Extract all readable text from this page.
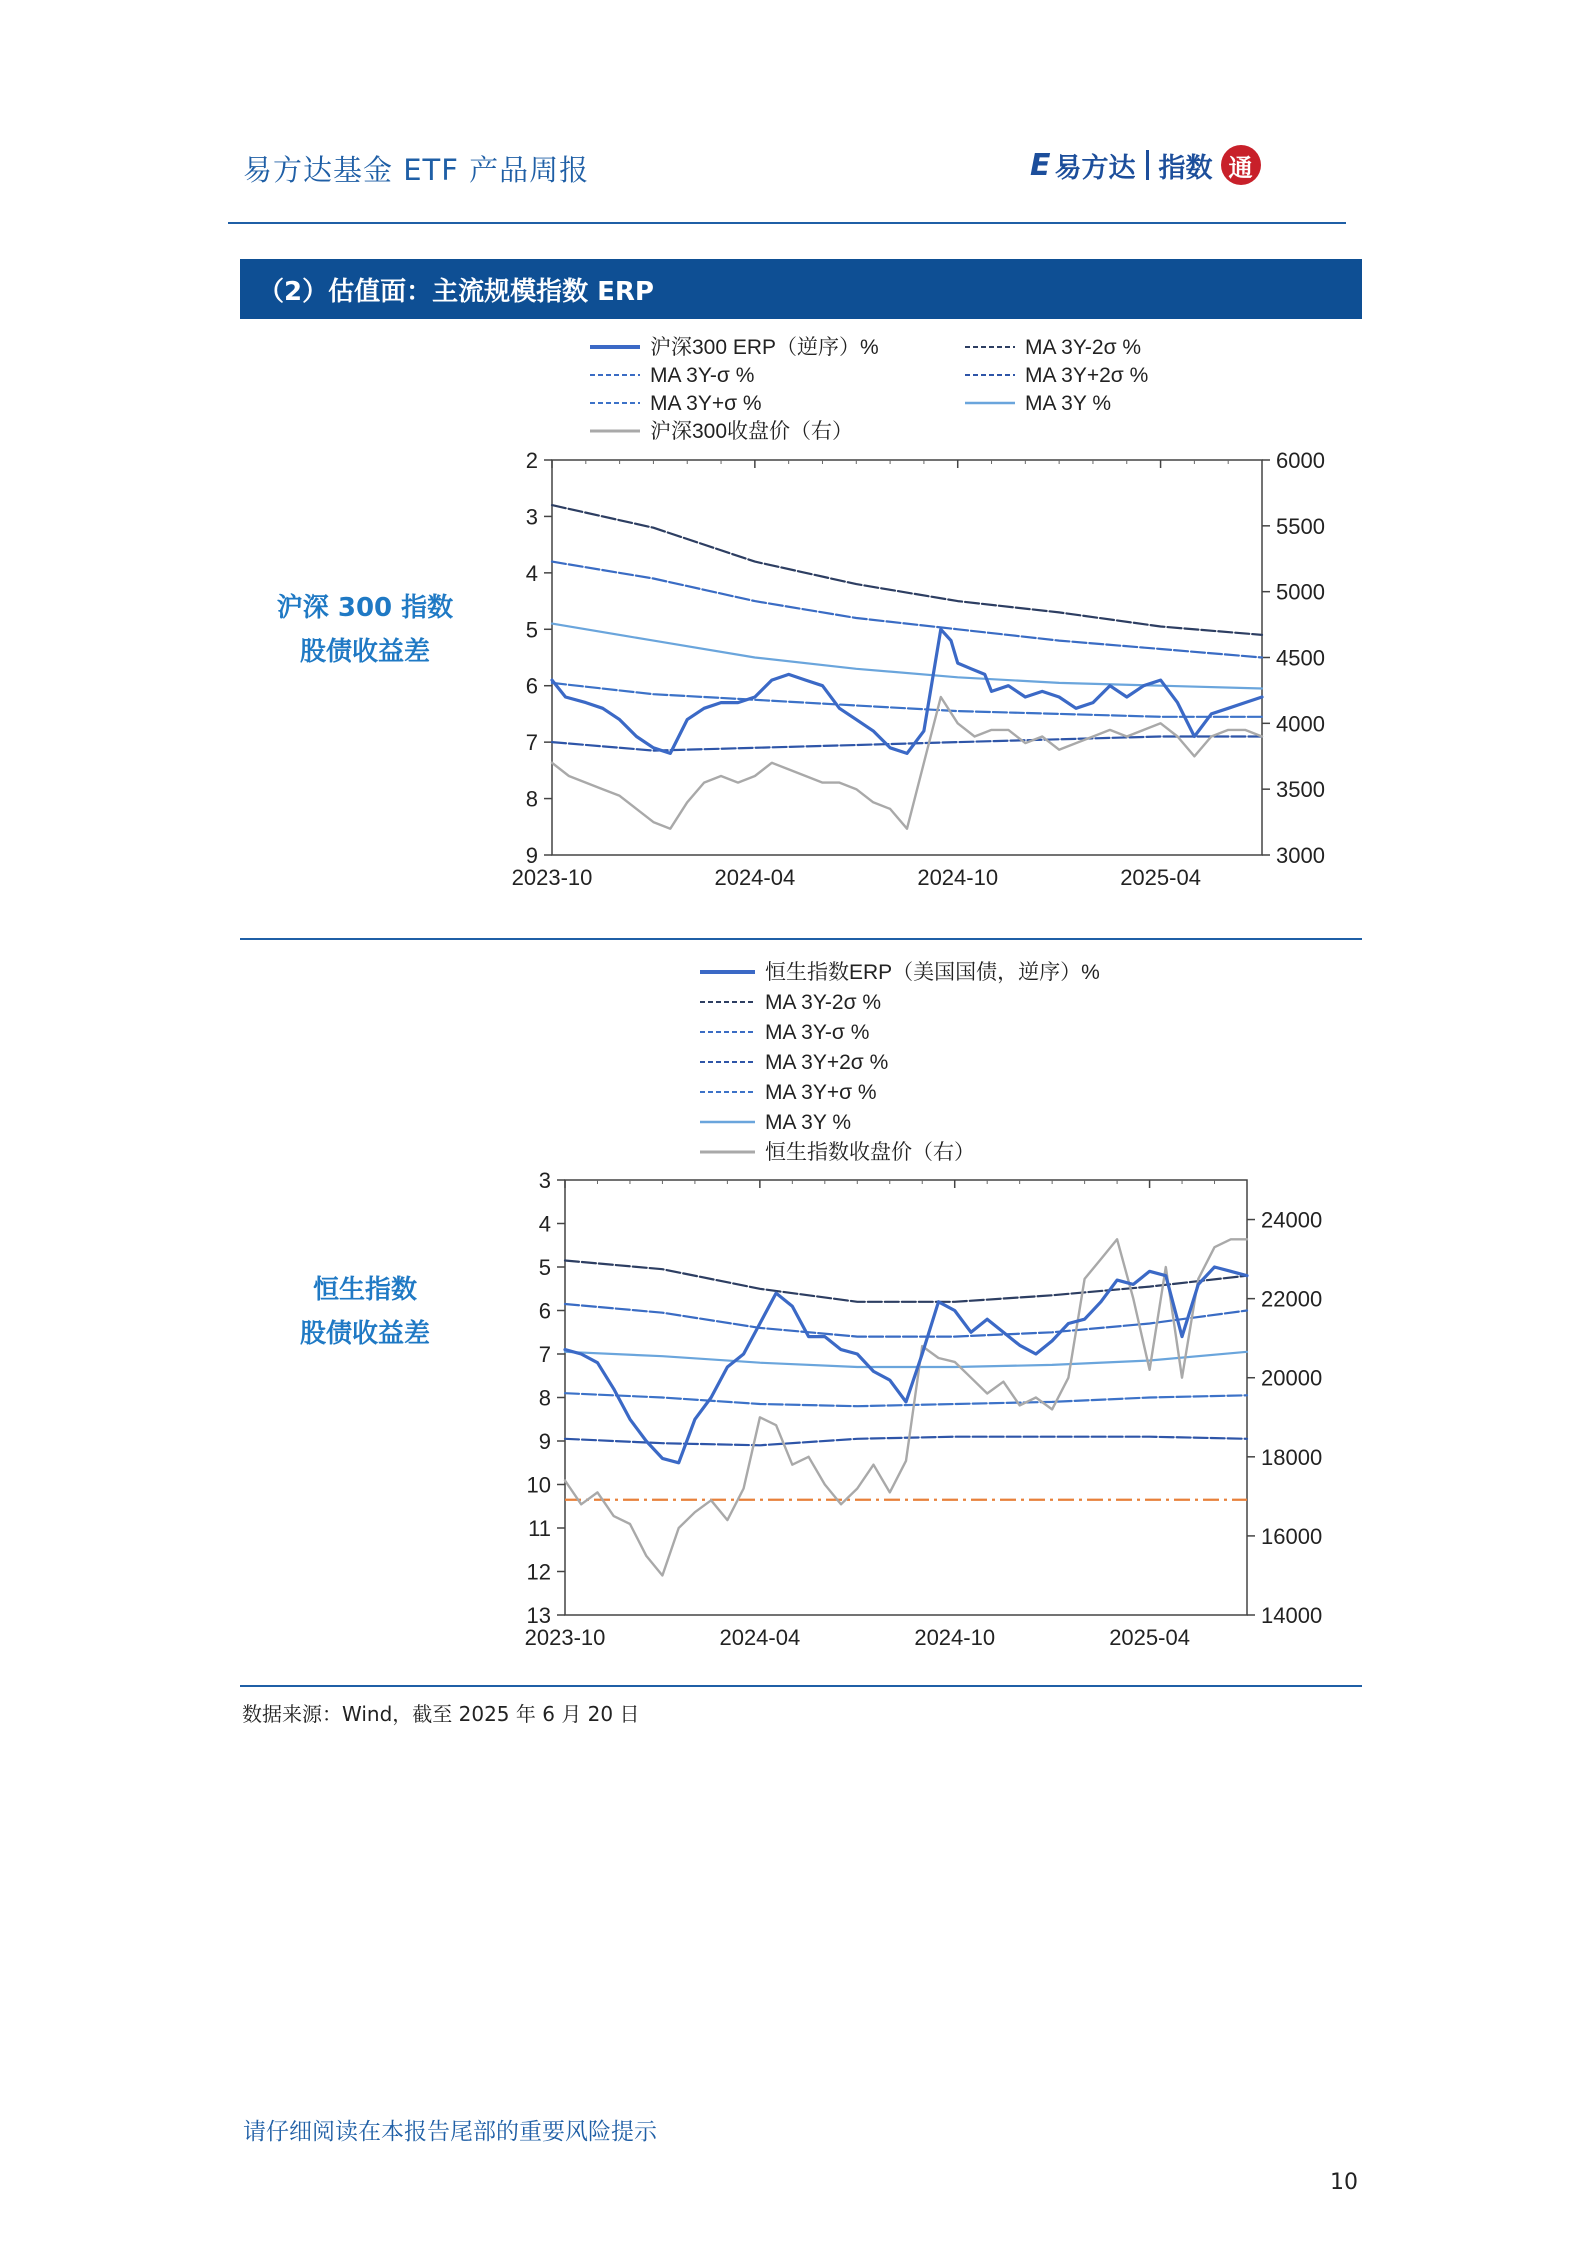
易方达基金 ETF 产品周报	E 易方达 指数 通
（2）估值面：主流规模指数 ERP
沪深 300 指数
股债收益差
恒生指数
股债收益差
沪深300 ERP（逆序）%	MA 3Y-2σ %
MA 3Y-σ %	MA 3Y+2σ %
MA 3Y+σ %	MA 3Y %
沪深300收盘价（右）
2
3
4
5
6
7
8
9
6000
5500
5000
4500
4000
3500
3000
2023-10	2024-04	2024-10	2025-04
恒生指数ERP（美国国债，逆序）%
MA 3Y-2σ %
MA 3Y-σ %
MA 3Y+2σ %
MA 3Y+σ %
MA 3Y %
恒生指数收盘价（右）
3
4
5
6
7
8
9
10
11
12
13
24000
22000
20000
18000
16000
14000
2023-10	2024-04	2024-10	2025-04
数据来源：Wind，截至 2025 年 6 月 20 日
请仔细阅读在本报告尾部的重要风险提示
10
